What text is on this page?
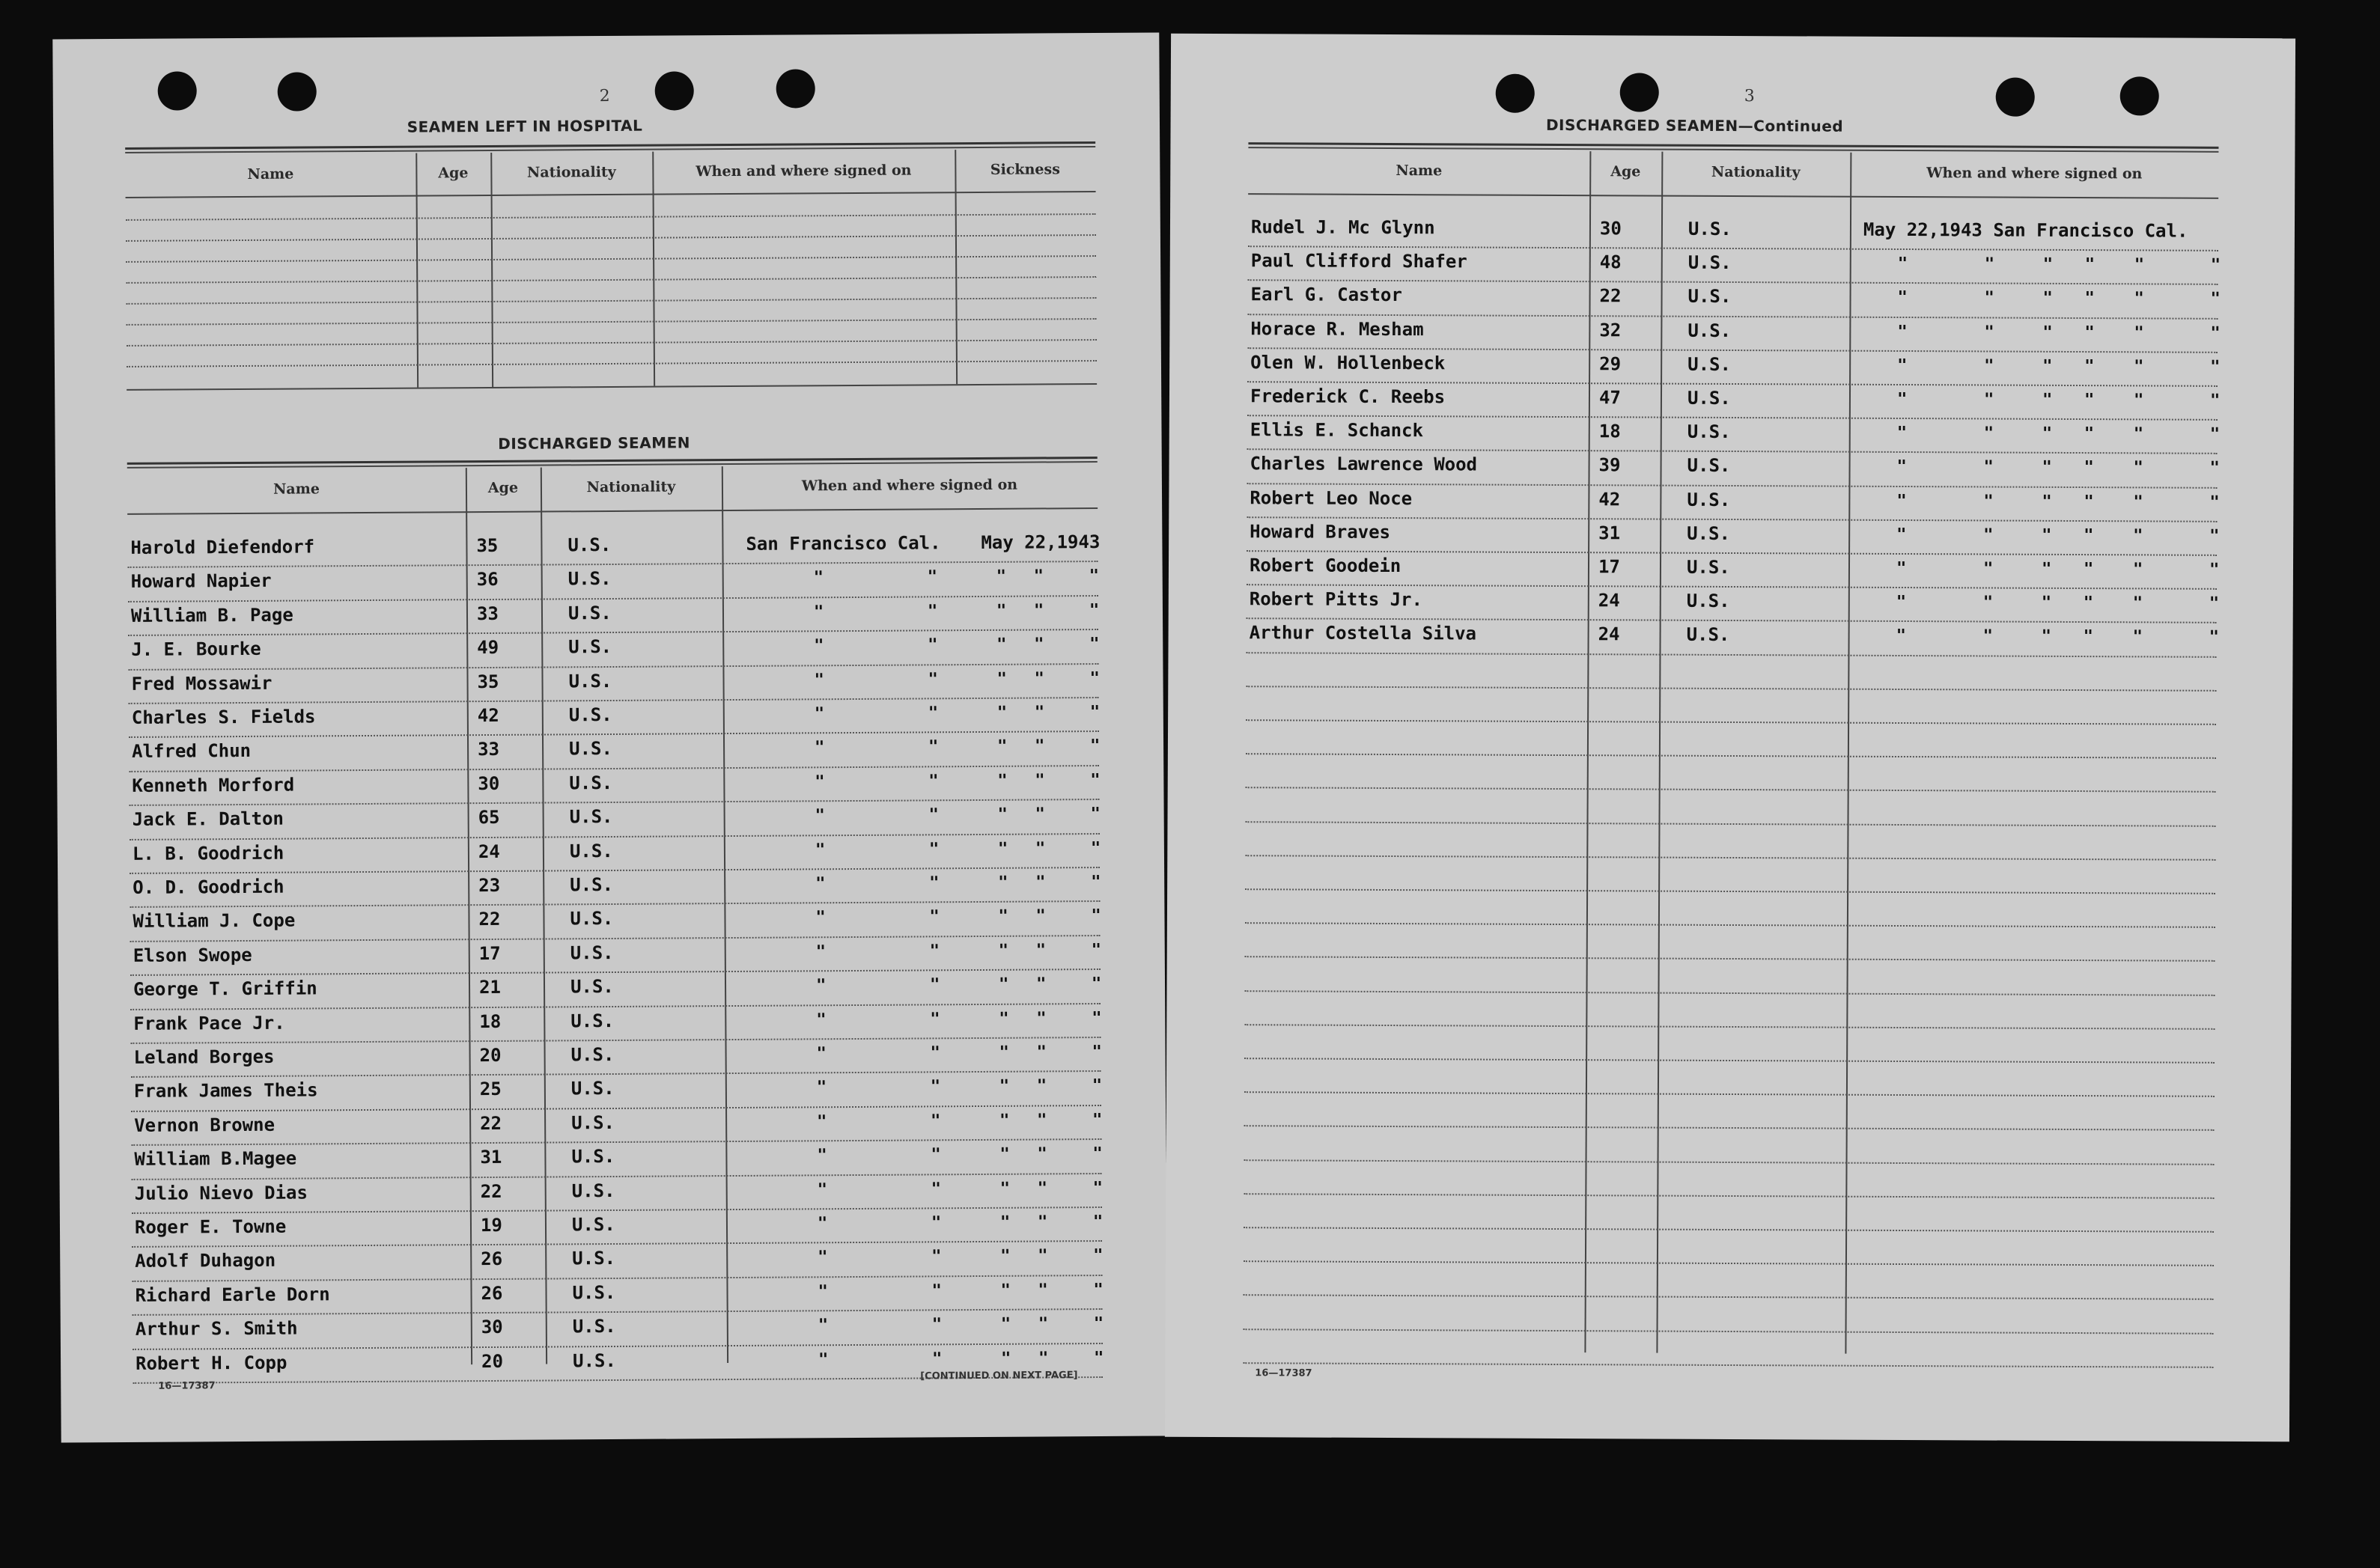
2
SEAMEN LEFT IN HOSPITAL
Name	Age	Nationality	When and where signed on	Sickness
DISCHARGED SEAMEN
Name	Age	Nationality	When and where signed on
Harold Diefendorf	35	U.S.	San Francisco Cal. May 22,1943
Howard Napier	36	U.S.	"	"	" "	"
William B. Page	33	U.S.	"	"	" "	"
J. E. Bourke	49	U.S.	"	"	" "	"
Fred Mossawir	35	U.S.	"	"	" "	"
Charles S. Fields	42	U.S.	"	"	" "	"
Alfred Chun	33	U.S.	"	"	" "	"
Kenneth Morford	30	U.S.	"	"	" "	"
Jack E. Dalton	65	U.S.	"	"	" "	"
L. B. Goodrich	24	U.S.	"	"	" "	"
O. D. Goodrich	23	U.S.	"	"	" "	"
William J. Cope	22	U.S.	"	"	" "	"
Elson Swope	17	U.S.	"	"	" "	"
George T. Griffin	21	U.S.	"	"	" "	"
Frank Pace Jr.	18	U.S.	"	"	" "	"
Leland Borges	20	U.S.	"	"	" "	"
Frank James Theis	25	U.S.	"	"	" "	"
Vernon Browne	22	U.S.	"	"	" "	"
William B.Magee	31	U.S.	"	"	" "	"
Julio Nievo Dias	22	U.S.	"	"	" "	"
Roger E. Towne	19	U.S.	"	"	" "	"
Adolf Duhagon	26	U.S.	"	"	" "	"
Richard Earle Dorn	26	U.S.	"	"	" "	"
Arthur S. Smith	30	U.S.	"	"	" "	"
Robert H. Copp	20	U.S.	"	"	" "	"
16—17387
[CONTINUED ON NEXT PAGE]
3
DISCHARGED SEAMEN—Continued
Name	Age	Nationality	When and where signed on
Rudel J. Mc Glynn	30	U.S.	May 22,1943 San Francisco Cal.
Paul Clifford Shafer	48	U.S.	"	"	" " "	"
Earl G. Castor	22	U.S.	"	"	" " "	"
Horace R. Mesham	32	U.S.	"	"	" " "	"
Olen W. Hollenbeck	29	U.S.	"	"	" " "	"
Frederick C. Reebs	47	U.S.	"	"	" " "	"
Ellis E. Schanck	18	U.S.	"	"	" " "	"
Charles Lawrence Wood	39	U.S.	"	"	" " "	"
Robert Leo Noce	42	U.S.	"	"	" " "	"
Howard Braves	31	U.S.	"	"	" " "	"
Robert Goodein	17	U.S.	"	"	" " "	"
Robert Pitts Jr.	24	U.S.	"	"	" " "	"
Arthur Costella Silva	24	U.S.	"	"	" " "	"
16—17387
